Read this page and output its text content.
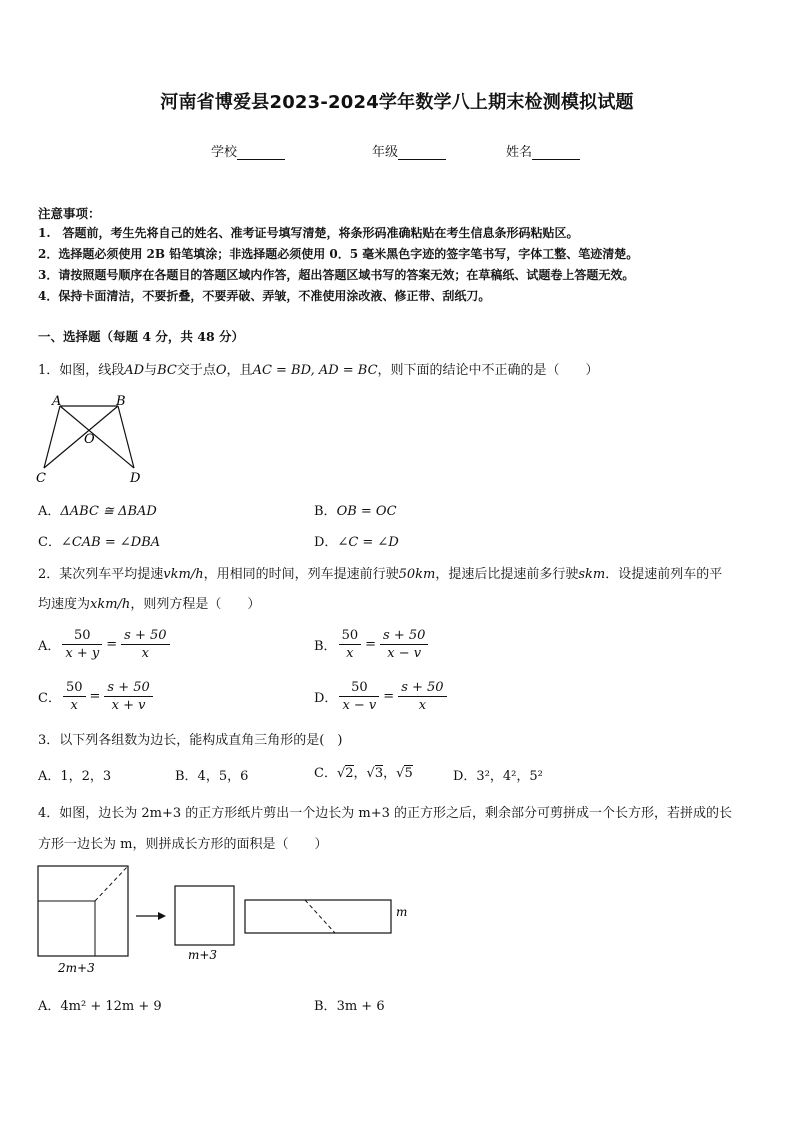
河南省博爱县2023-2024学年数学八上期末检测模拟试题
学校	年级	姓名
注意事项：
1.　答题前，考生先将自己的姓名、准考证号填写清楚，将条形码准确粘贴在考生信息条形码粘贴区。
2．选择题必须使用 2B 铅笔填涂；非选择题必须使用 0．5 毫米黑色字迹的签字笔书写，字体工整、笔迹清楚。
3．请按照题号顺序在各题目的答题区域内作答，超出答题区域书写的答案无效；在草稿纸、试题卷上答题无效。
4．保持卡面清洁，不要折叠，不要弄破、弄皱，不准使用涂改液、修正带、刮纸刀。
一、选择题（每题 4 分，共 48 分）
1．如图，线段AD与BC交于点O，且AC = BD, AD = BC，则下面的结论中不正确的是（　　）
A	B
O
C	D
A．ΔABC ≅ ΔBAD	B．OB = OC
C．∠CAB = ∠DBA	D．∠C = ∠D
2．某次列车平均提速vkm/h，用相同的时间，列车提速前行驶50km，提速后比提速前多行驶skm．设提速前列车的平
均速度为xkm/h，则列方程是（　　）
A． $\frac{50}{x + y} = \frac{s + 50}{x}$	B． $\frac{50}{x} = \frac{s + 50}{x - v}$
C． $\frac{50}{x} = \frac{s + 50}{x + v}$	D． $\frac{50}{x - v} = \frac{s + 50}{x}$
3．以下列各组数为边长，能构成直角三角形的是(　)
A．1，2，3	B．4，5，6	C．√2，√3，√5	D．3²，4²，5²
4．如图，边长为 2m+3 的正方形纸片剪出一个边长为 m+3 的正方形之后，剩余部分可剪拼成一个长方形，若拼成的长
方形一边长为 m，则拼成长方形的面积是（　　）
2m+3
m+3
m
A．4m² + 12m + 9	B．3m + 6
